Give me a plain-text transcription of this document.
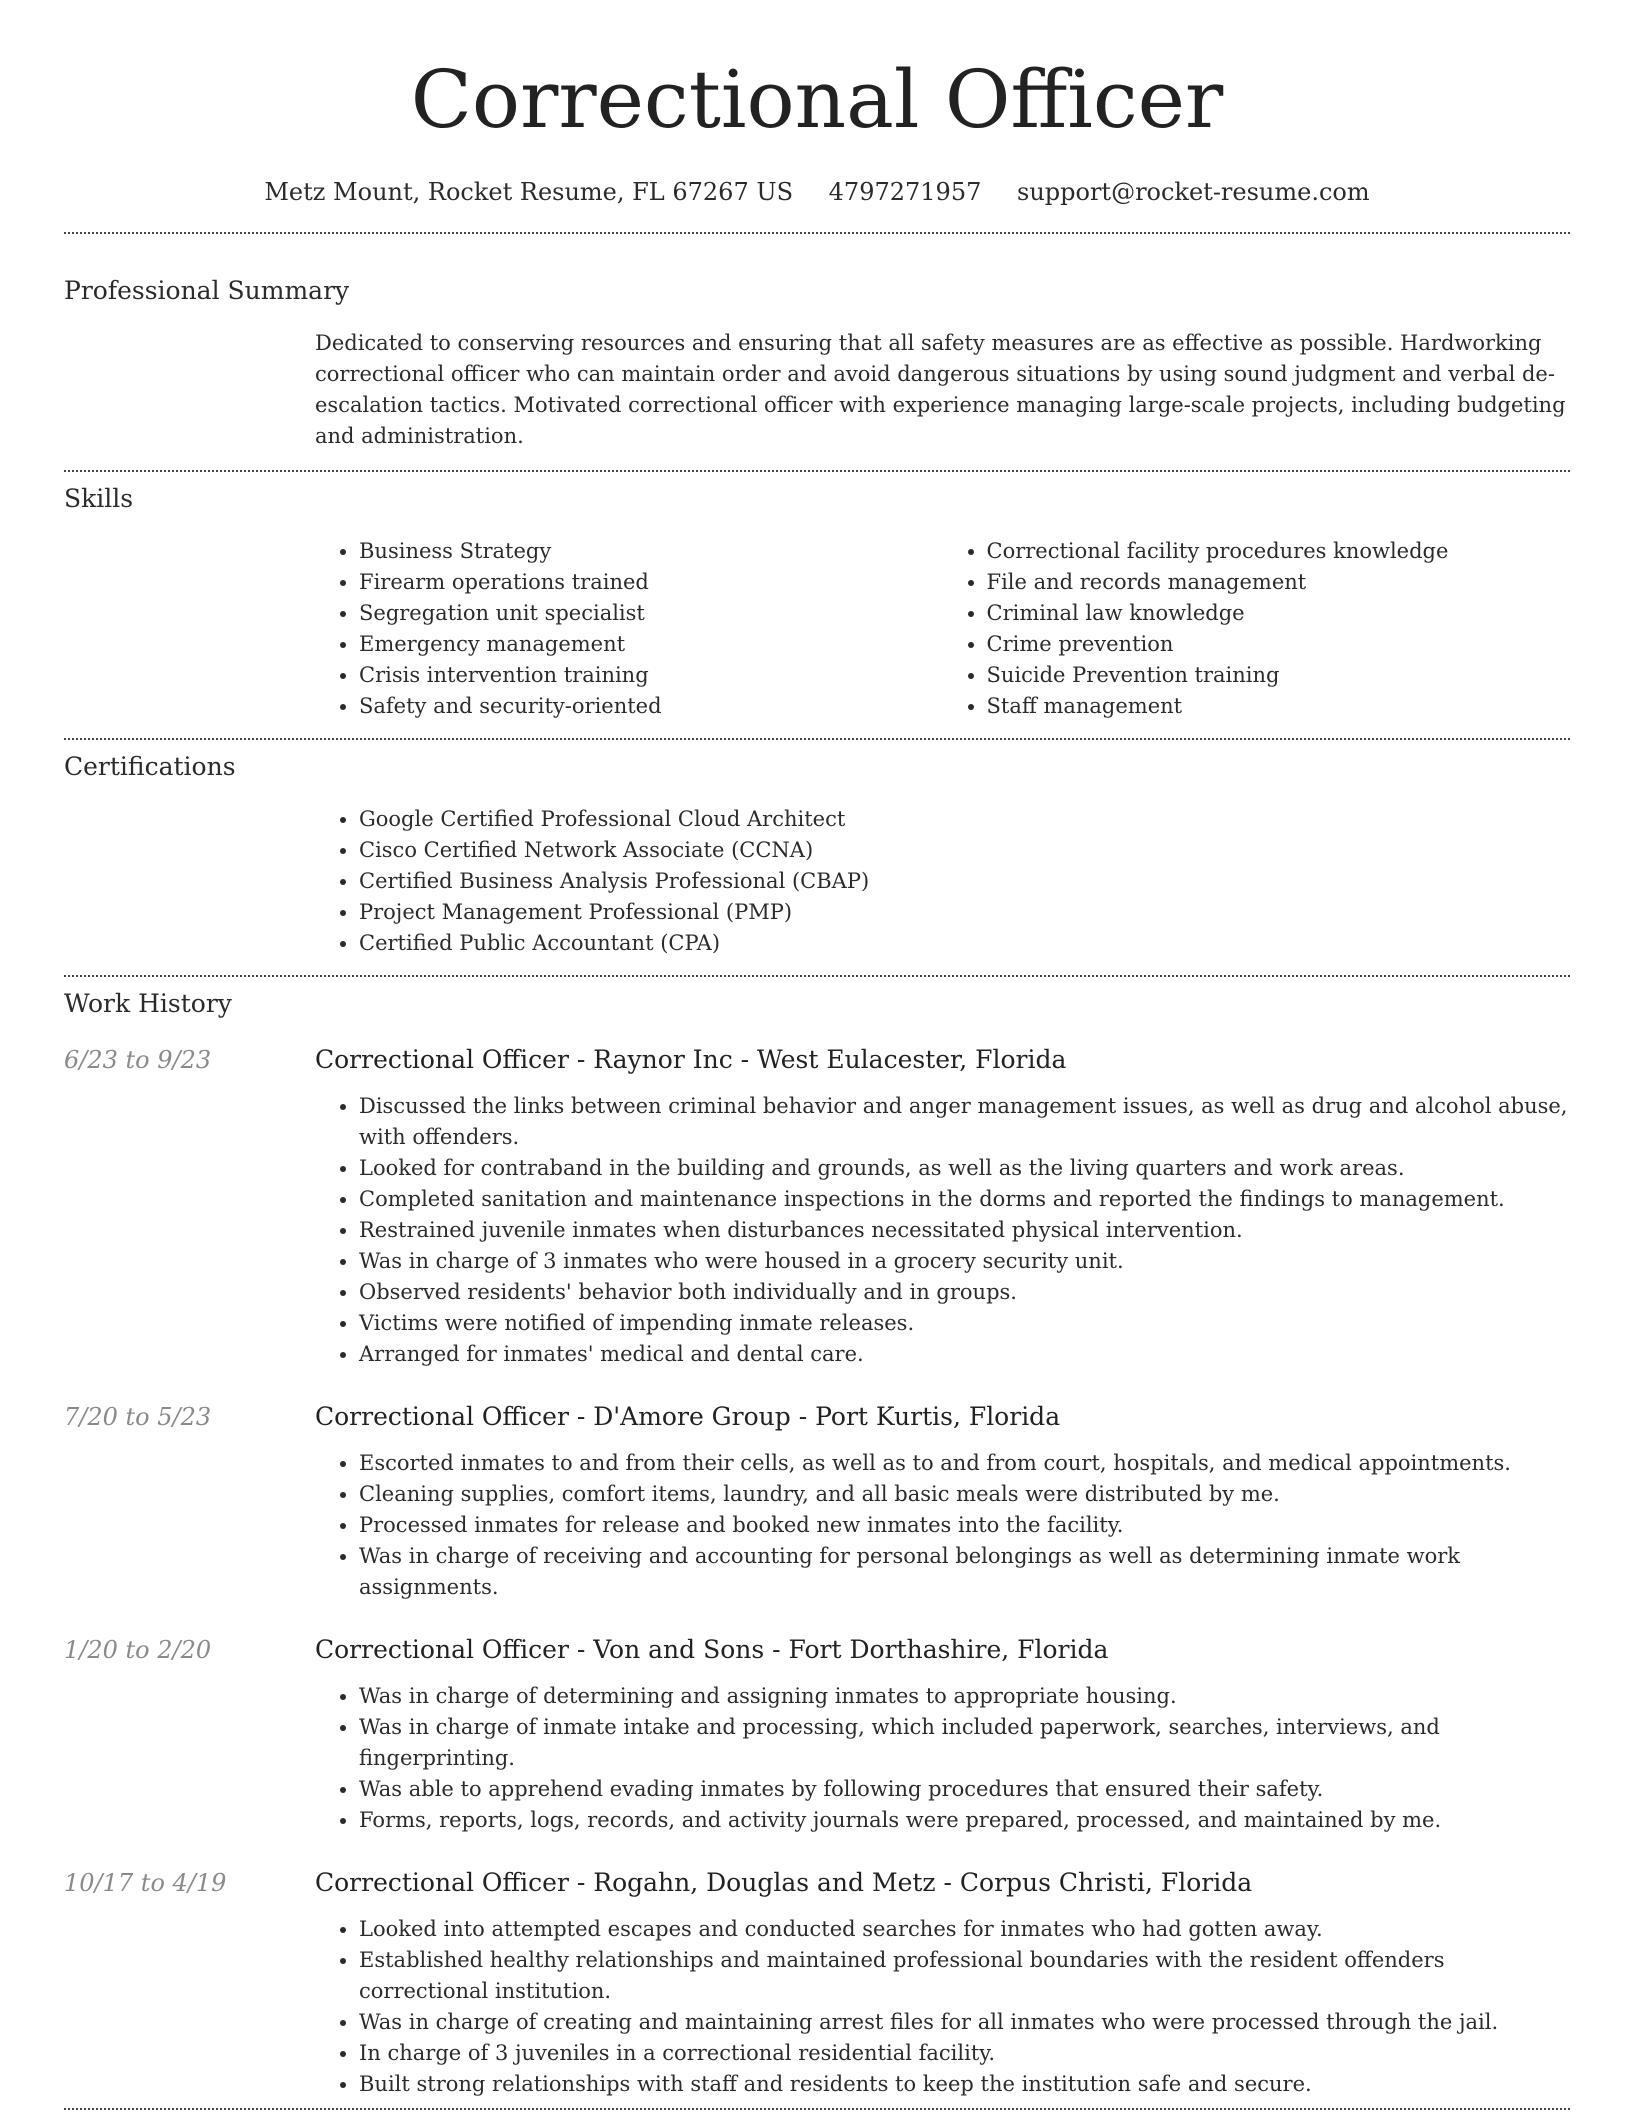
Correctional Officer
Metz Mount, Rocket Resume, FL 67267 US 4797271957 support@rocket-resume.com
Professional Summary

Dedicated to conserving resources and ensuring that all safety measures are as effective as possible. Hardworking correctional officer who can maintain order and avoid dangerous situations by using sound judgment and verbal de-escalation tactics. Motivated correctional officer with experience managing large-scale projects, including budgeting and administration.

Skills
• Business Strategy
• Firearm operations trained
• Segregation unit specialist
• Emergency management
• Crisis intervention training
• Safety and security-oriented
• Correctional facility procedures knowledge
• File and records management
• Criminal law knowledge
• Crime prevention
• Suicide Prevention training
• Staff management
Certifications
• Google Certified Professional Cloud Architect
• Cisco Certified Network Associate (CCNA)
• Certified Business Analysis Professional (CBAP)
• Project Management Professional (PMP)
• Certified Public Accountant (CPA)
Work History
6/23 to 9/23	Correctional Officer - Raynor Inc - West Eulacester, Florida
• Discussed the links between criminal behavior and anger management issues, as well as drug and alcohol abuse, with offenders.
• Looked for contraband in the building and grounds, as well as the living quarters and work areas.
• Completed sanitation and maintenance inspections in the dorms and reported the findings to management.
• Restrained juvenile inmates when disturbances necessitated physical intervention.
• Was in charge of 3 inmates who were housed in a grocery security unit.
• Observed residents' behavior both individually and in groups.
• Victims were notified of impending inmate releases.
• Arranged for inmates' medical and dental care.
7/20 to 5/23	Correctional Officer - D'Amore Group - Port Kurtis, Florida
• Escorted inmates to and from their cells, as well as to and from court, hospitals, and medical appointments.
• Cleaning supplies, comfort items, laundry, and all basic meals were distributed by me.
• Processed inmates for release and booked new inmates into the facility.
• Was in charge of receiving and accounting for personal belongings as well as determining inmate work assignments.
1/20 to 2/20	Correctional Officer - Von and Sons - Fort Dorthashire, Florida
• Was in charge of determining and assigning inmates to appropriate housing.
• Was in charge of inmate intake and processing, which included paperwork, searches, interviews, and fingerprinting.
• Was able to apprehend evading inmates by following procedures that ensured their safety.
• Forms, reports, logs, records, and activity journals were prepared, processed, and maintained by me.
10/17 to 4/19	Correctional Officer - Rogahn, Douglas and Metz - Corpus Christi, Florida
• Looked into attempted escapes and conducted searches for inmates who had gotten away.
• Established healthy relationships and maintained professional boundaries with the resident offenders correctional institution.
• Was in charge of creating and maintaining arrest files for all inmates who were processed through the jail.
• In charge of 3 juveniles in a correctional residential facility.
• Built strong relationships with staff and residents to keep the institution safe and secure.
